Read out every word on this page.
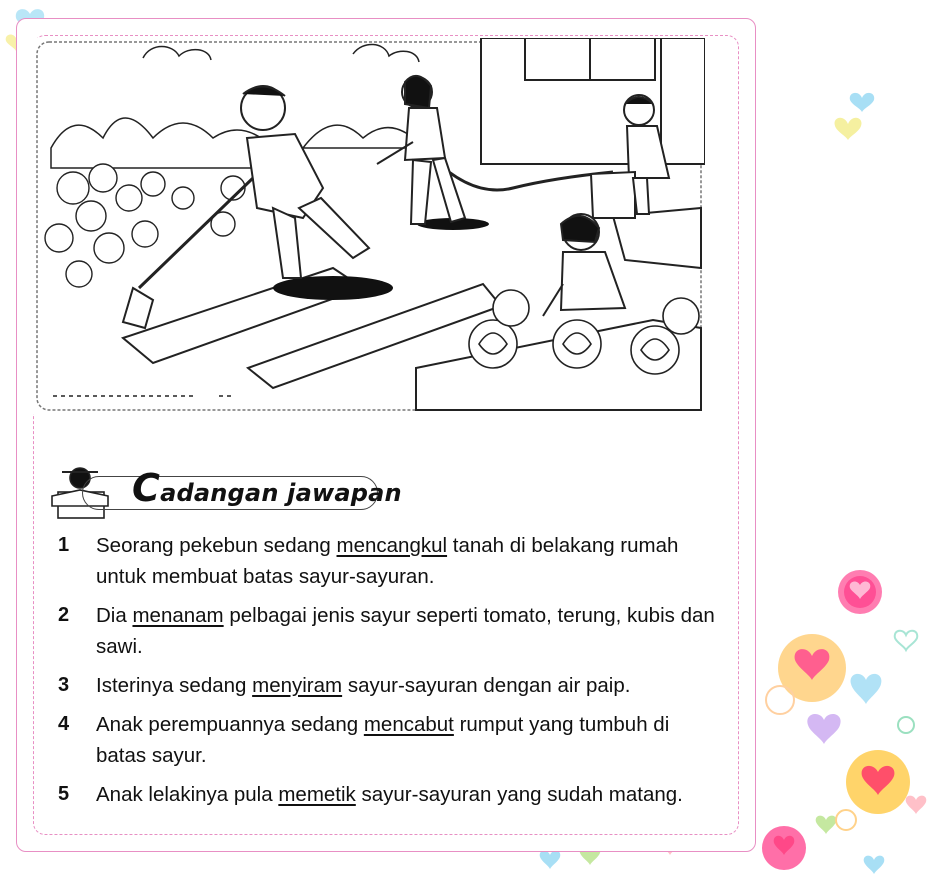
Cadangan jawapan
1	Seorang pekebun sedang mencangkul tanah di belakang rumah untuk membuat batas sayur-sayuran.
2	Dia menanam pelbagai jenis sayur seperti tomato, terung, kubis dan sawi.
3	Isterinya sedang menyiram sayur-sayuran dengan air paip.
4	Anak perempuannya sedang mencabut rumput yang tumbuh di batas sayur.
5	Anak lelakinya pula memetik sayur-sayuran yang sudah matang.
